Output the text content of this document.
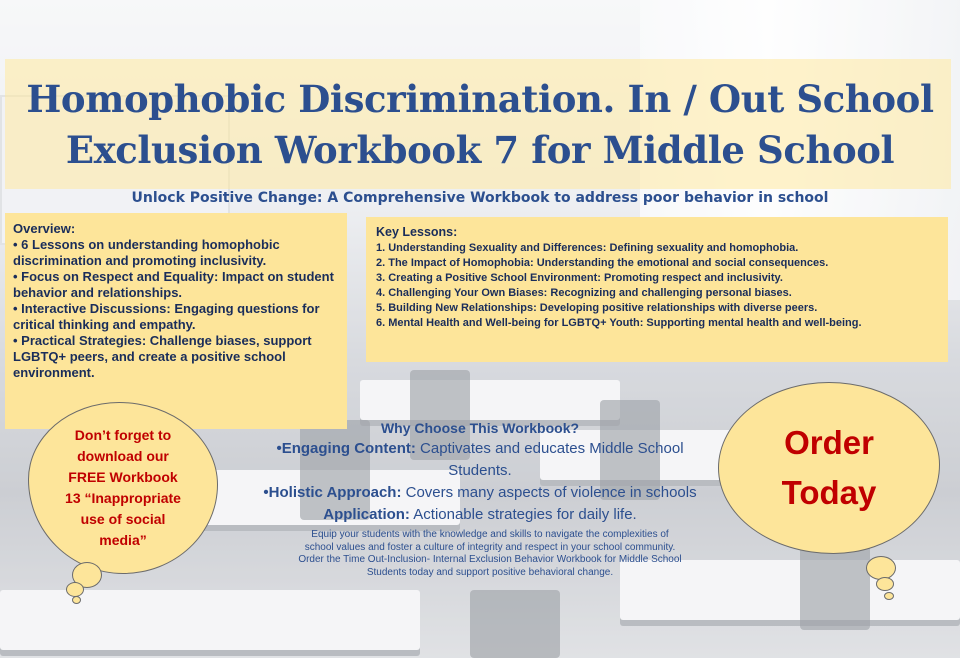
Homophobic Discrimination. In / Out School
Exclusion Workbook 7 for Middle School
Unlock Positive Change: A Comprehensive Workbook to address poor behavior in school
Overview:
• 6 Lessons on understanding homophobic discrimination and promoting inclusivity.
• Focus on Respect and Equality: Impact on student behavior and relationships.
• Interactive Discussions: Engaging questions for critical thinking and empathy.
• Practical Strategies: Challenge biases, support LGBTQ+ peers, and create a positive school environment.
Key Lessons:
1. Understanding Sexuality and Differences: Defining sexuality and homophobia.
2. The Impact of Homophobia: Understanding the emotional and social consequences.
3. Creating a Positive School Environment: Promoting respect and inclusivity.
4. Challenging Your Own Biases: Recognizing and challenging personal biases.
5. Building New Relationships: Developing positive relationships with diverse peers.
6. Mental Health and Well-being for LGBTQ+ Youth: Supporting mental health and well-being.
Don’t forget to
download our
FREE Workbook
13 “Inappropriate
use of social
media”
Order
Today
Why Choose This Workbook?
•Engaging Content: Captivates and educates Middle School
Students.
•Holistic Approach: Covers many aspects of violence in schools
Application: Actionable strategies for daily life.
Equip your students with the knowledge and skills to navigate the complexities of
school values and foster a culture of integrity and respect in your school community.
Order the Time Out-Inclusion- Internal Exclusion Behavior Workbook for Middle School
Students today and support positive behavioral change.
